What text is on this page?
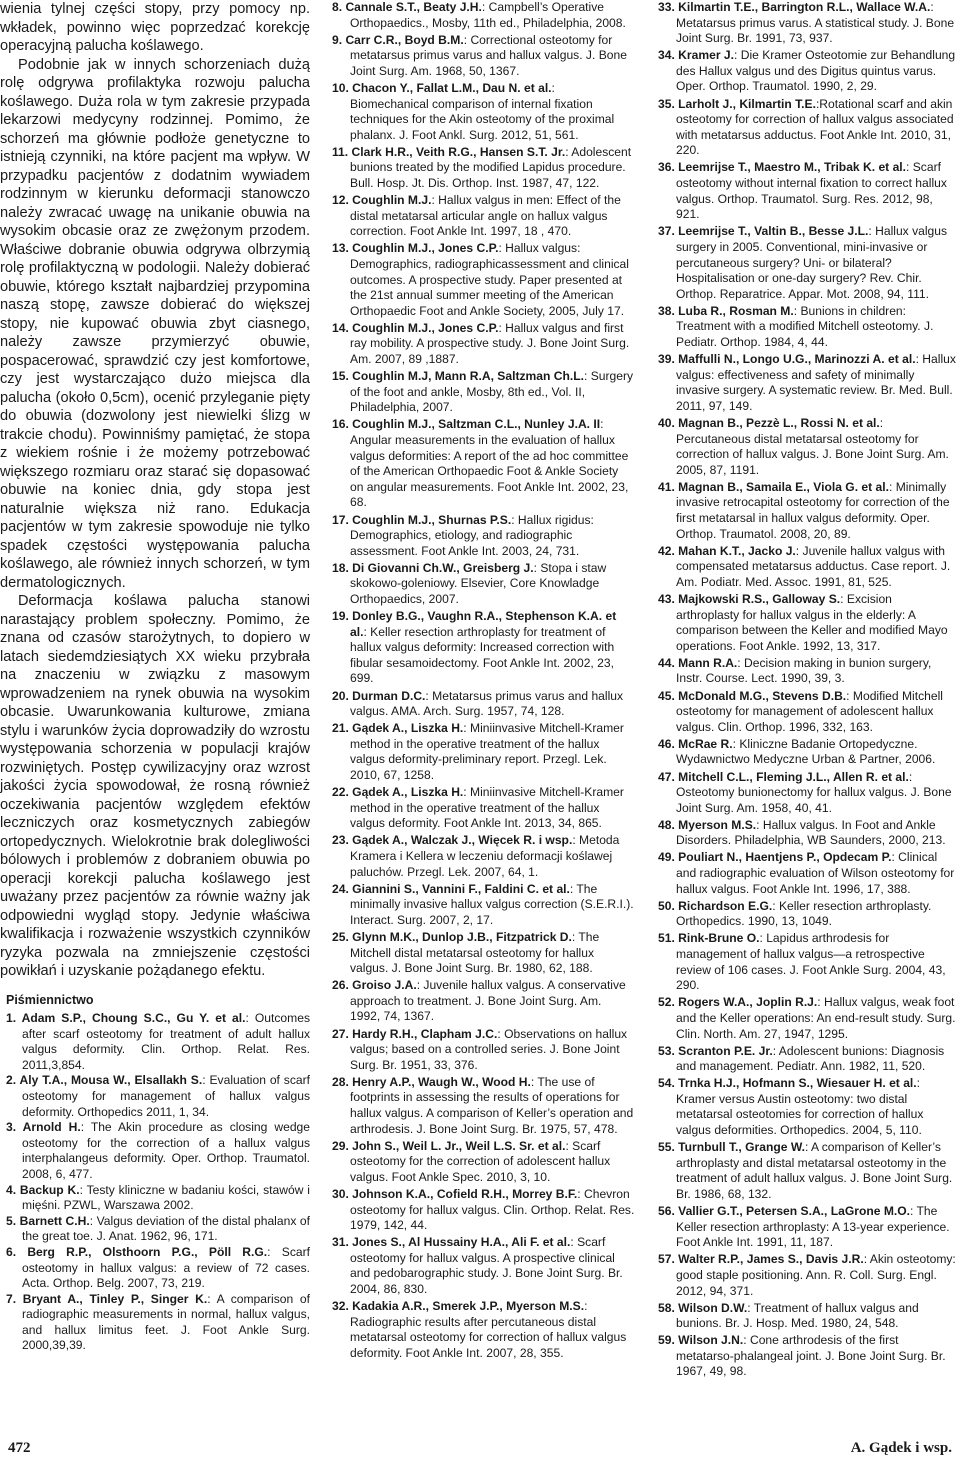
wienia tylnej części stopy, przy pomocy np. wkładek, powinno więc poprzedzać korekcję operacyjną palucha koślawego.

Podobnie jak w innych schorzeniach dużą rolę odgrywa profilaktyka rozwoju palucha koślawego. Duża rola w tym zakresie przypada lekarzowi medycyny rodzinnej. Pomimo, że schorzeń ma głównie podłoże genetyczne to istnieją czynniki, na które pacjent ma wpływ. W przypadku pacjentów z dodatnim wywiadem rodzinnym w kierunku deformacji stanowczo należy zwracać uwagę na unikanie obuwia na wysokim obcasie oraz ze zwężonym przodem. Właściwe dobranie obuwia odgrywa olbrzymią rolę profilaktyczną w podologii. Należy dobierać obuwie, którego kształt najbardziej przypomina naszą stopę, zawsze dobierać do większej stopy, nie kupować obuwia zbyt ciasnego, należy zawsze przymierzyć obuwie, pospacerować, sprawdzić czy jest komfortowe, czy jest wystarczająco dużo miejsca dla palucha (około 0,5cm), ocenić przyleganie pięty do obuwia (dozwolony jest niewielki ślizg w trakcie chodu). Powinniśmy pamiętać, że stopa z wiekiem rośnie i że możemy potrzebować większego rozmiaru oraz starać się dopasować obuwie na koniec dnia, gdy stopa jest naturalnie większa niż rano. Edukacja pacjentów w tym zakresie spowoduje nie tylko spadek częstości występowania palucha koślawego, ale również innych schorzeń, w tym dermatologicznych.

Deformacja koślawa palucha stanowi narastający problem społeczny. Pomimo, że znana od czasów starożytnych, to dopiero w latach siedemdziesiątych XX wieku przybrała na znaczeniu w związku z masowym wprowadzeniem na rynek obuwia na wysokim obcasie. Uwarunkowania kulturowe, zmiana stylu i warunków życia doprowadziły do wzrostu występowania schorzenia w populacji krajów rozwiniętych. Postęp cywilizacyjny oraz wzrost jakości życia spowodował, że rosną również oczekiwania pacjentów względem efektów leczniczych oraz kosmetycznych zabiegów ortopedycznych. Wielokrotnie brak dolegliwości bólowych i problemów z dobraniem obuwia po operacji korekcji palucha koślawego jest uważany przez pacjentów za równie ważny jak odpowiedni wygląd stopy. Jedynie właściwa kwalifikacja i rozważenie wszystkich czynników ryzyka pozwala na zmniejszenie częstości powikłań i uzyskanie pożądanego efektu.

Piśmiennictwo

1. Adam S.P., Choung S.C., Gu Y. et al.: Outcomes after scarf osteotomy for treatment of adult hallux valgus deformity. Clin. Orthop. Relat. Res. 2011,3,854.

2. Aly T.A., Mousa W., Elsallakh S.: Evaluation of scarf osteotomy for management of hallux valgus deformity. Orthopedics 2011, 1, 34.

3. Arnold H.: The Akin procedure as closing wedge osteotomy for the correction of a hallux valgus interphalangeus deformity. Oper. Orthop. Traumatol. 2008, 6, 477.

4. Backup K.: Testy kliniczne w badaniu kości, stawów i mięśni. PZWL, Warszawa 2002.

5. Barnett C.H.: Valgus deviation of the distal phalanx of the great toe. J. Anat. 1962, 96, 171.

6. Berg R.P., Olsthoorn P.G., Pöll R.G.: Scarf osteotomy in hallux valgus: a review of 72 cases. Acta. Orthop. Belg. 2007, 73, 219.

7. Bryant A., Tinley P., Singer K.: A comparison of radiographic measurements in normal, hallux valgus, and hallux limitus feet. J. Foot Ankle Surg. 2000,39,39.

8. Cannale S.T., Beaty J.H.: Campbell’s Operative Orthopaedics., Mosby, 11th ed., Philadelphia, 2008.

9. Carr C.R., Boyd B.M.: Correctional osteotomy for metatarsus primus varus and hallux valgus. J. Bone Joint Surg. Am. 1968, 50, 1367.

10. Chacon Y., Fallat L.M., Dau N. et al.: Biomechanical comparison of internal fixation techniques for the Akin osteotomy of the proximal phalanx. J. Foot Ankl. Surg. 2012, 51, 561.

11. Clark H.R., Veith R.G., Hansen S.T. Jr.: Adolescent bunions treated by the modified Lapidus procedure. Bull. Hosp. Jt. Dis. Orthop. Inst. 1987, 47, 122.

12. Coughlin M.J.: Hallux valgus in men: Effect of the distal metatarsal articular angle on hallux valgus correction. Foot Ankle Int. 1997, 18 , 470.

13. Coughlin M.J., Jones C.P.: Hallux valgus: Demographics, radiographicassessment and clinical outcomes. A prospective study. Paper presented at the 21st annual summer meeting of the American Orthopaedic Foot and Ankle Society, 2005, July 17.

14. Coughlin M.J., Jones C.P.: Hallux valgus and first ray mobility. A prospective study. J. Bone Joint Surg. Am. 2007, 89 ,1887.

15. Coughlin M.J, Mann R.A, Saltzman Ch.L.: Surgery of the foot and ankle, Mosby, 8th ed., Vol. II, Philadelphia, 2007.

16. Coughlin M.J., Saltzman C.L., Nunley J.A. II: Angular measurements in the evaluation of hallux valgus deformities: A report of the ad hoc committee of the American Orthopaedic Foot & Ankle Society on angular measurements. Foot Ankle Int. 2002, 23, 68.

17. Coughlin M.J., Shurnas P.S.: Hallux rigidus: Demographics, etiology, and radiographic assessment. Foot Ankle Int. 2003, 24, 731.

18. Di Giovanni Ch.W., Greisberg J.: Stopa i staw skokowo-goleniowy. Elsevier, Core Knowladge Orthopaedics, 2007.

19. Donley B.G., Vaughn R.A., Stephenson K.A. et al.: Keller resection arthroplasty for treatment of hallux valgus deformity: Increased correction with fibular sesamoidectomy. Foot Ankle Int. 2002, 23, 699.

20. Durman D.C.: Metatarsus primus varus and hallux valgus. AMA. Arch. Surg. 1957, 74, 128.

21. Gądek A., Liszka H.: Miniinvasive Mitchell-Kramer method in the operative treatment of the hallux valgus deformity-preliminary report. Przegl. Lek. 2010, 67, 1258.

22. Gądek A., Liszka H.: Miniinvasive Mitchell-Kramer method in the operative treatment of the hallux valgus deformity. Foot Ankle Int. 2013, 34, 865.

23. Gądek A., Walczak J., Więcek R. i wsp.: Metoda Kramera i Kellera w leczeniu deformacji koślawej paluchów. Przegl. Lek. 2007, 64, 1.

24. Giannini S., Vannini F., Faldini C. et al.: The minimally invasive hallux valgus correction (S.E.R.I.). Interact. Surg. 2007, 2, 17.

25. Glynn M.K., Dunlop J.B., Fitzpatrick D.: The Mitchell distal metatarsal osteotomy for hallux valgus. J. Bone Joint Surg. Br. 1980, 62, 188.

26. Groiso J.A.: Juvenile hallux valgus. A conservative approach to treatment. J. Bone Joint Surg. Am. 1992, 74, 1367.

27. Hardy R.H., Clapham J.C.: Observations on hallux valgus; based on a controlled series. J. Bone Joint Surg. Br. 1951, 33, 376.

28. Henry A.P., Waugh W., Wood H.: The use of footprints in assessing the results of operations for hallux valgus. A comparison of Keller’s operation and arthrodesis. J. Bone Joint Surg. Br. 1975, 57, 478.

29. John S., Weil L. Jr., Weil L.S. Sr. et al.: Scarf osteotomy for the correction of adolescent hallux valgus. Foot Ankle Spec. 2010, 3, 10.

30. Johnson K.A., Cofield R.H., Morrey B.F.: Chevron osteotomy for hallux valgus. Clin. Orthop. Relat. Res. 1979, 142, 44.

31. Jones S., Al Hussainy H.A., Ali F. et al.: Scarf osteotomy for hallux valgus. A prospective clinical and pedobarographic study. J. Bone Joint Surg. Br. 2004, 86, 830.

32. Kadakia A.R., Smerek J.P., Myerson M.S.: Radiographic results after percutaneous distal metatarsal osteotomy for correction of hallux valgus deformity. Foot Ankle Int. 2007, 28, 355.

33. Kilmartin T.E., Barrington R.L., Wallace W.A.: Metatarsus primus varus. A statistical study. J. Bone Joint Surg. Br. 1991, 73, 937.

34. Kramer J.: Die Kramer Osteotomie zur Behandlung des Hallux valgus und des Digitus quintus varus. Oper. Orthop. Traumatol. 1990, 2, 29.

35. Larholt J., Kilmartin T.E.:Rotational scarf and akin osteotomy for correction of hallux valgus associated with metatarsus adductus. Foot Ankle Int. 2010, 31, 220.

36. Leemrijse T., Maestro M., Tribak K. et al.: Scarf osteotomy without internal fixation to correct hallux valgus. Orthop. Traumatol. Surg. Res. 2012, 98, 921.

37. Leemrijse T., Valtin B., Besse J.L.: Hallux valgus surgery in 2005. Conventional, mini-invasive or percutaneous surgery? Uni- or bilateral? Hospitalisation or one-day surgery? Rev. Chir. Orthop. Reparatrice. Appar. Mot. 2008, 94, 111.

38. Luba R., Rosman M.: Bunions in children: Treatment with a modified Mitchell osteotomy. J. Pediatr. Orthop. 1984, 4, 44.

39. Maffulli N., Longo U.G., Marinozzi A. et al.: Hallux valgus: effectiveness and safety of minimally invasive surgery. A systematic review. Br. Med. Bull. 2011, 97, 149.

40. Magnan B., Pezzè L., Rossi N. et al.: Percutaneous distal metatarsal osteotomy for correction of hallux valgus. J. Bone Joint Surg. Am. 2005, 87, 1191.

41. Magnan B., Samaila E., Viola G. et al.: Minimally invasive retrocapital osteotomy for correction of the first metatarsal in hallux valgus deformity. Oper. Orthop. Traumatol. 2008, 20, 89.

42. Mahan K.T., Jacko J.: Juvenile hallux valgus with compensated metatarsus adductus. Case report. J. Am. Podiatr. Med. Assoc. 1991, 81, 525.

43. Majkowski R.S., Galloway S.: Excision arthroplasty for hallux valgus in the elderly: A comparison between the Keller and modified Mayo operations. Foot Ankle. 1992, 13, 317.

44. Mann R.A.: Decision making in bunion surgery, Instr. Course. Lect. 1990, 39, 3.

45. McDonald M.G., Stevens D.B.: Modified Mitchell osteotomy for management of adolescent hallux valgus. Clin. Orthop. 1996, 332, 163.

46. McRae R.: Kliniczne Badanie Ortopedyczne. Wydawnictwo Medyczne Urban & Partner, 2006.

47. Mitchell C.L., Fleming J.L., Allen R. et al.: Osteotomy bunionectomy for hallux valgus. J. Bone Joint Surg. Am. 1958, 40, 41.

48. Myerson M.S.: Hallux valgus. In Foot and Ankle Disorders. Philadelphia, WB Saunders, 2000, 213.

49. Pouliart N., Haentjens P., Opdecam P.: Clinical and radiographic evaluation of Wilson osteotomy for hallux valgus. Foot Ankle Int. 1996, 17, 388.

50. Richardson E.G.: Keller resection arthroplasty. Orthopedics. 1990, 13, 1049.

51. Rink-Brune O.: Lapidus arthrodesis for management of hallux valgus—a retrospective review of 106 cases. J. Foot Ankle Surg. 2004, 43, 290.

52. Rogers W.A., Joplin R.J.: Hallux valgus, weak foot and the Keller operations: An end-result study. Surg. Clin. North. Am. 27, 1947, 1295.

53. Scranton P.E. Jr.: Adolescent bunions: Diagnosis and management. Pediatr. Ann. 1982, 11, 520.

54. Trnka H.J., Hofmann S., Wiesauer H. et al.: Kramer versus Austin osteotomy: two distal metatarsal osteotomies for correction of hallux valgus deformities. Orthopedics. 2004, 5, 110.

55. Turnbull T., Grange W.: A comparison of Keller’s arthroplasty and distal metatarsal osteotomy in the treatment of adult hallux valgus. J. Bone Joint Surg. Br. 1986, 68, 132.

56. Vallier G.T., Petersen S.A., LaGrone M.O.: The Keller resection arthroplasty: A 13-year experience. Foot Ankle Int. 1991, 11, 187.

57. Walter R.P., James S., Davis J.R.: Akin osteotomy: good staple positioning. Ann. R. Coll. Surg. Engl. 2012, 94, 371.

58. Wilson D.W.: Treatment of hallux valgus and bunions. Br. J. Hosp. Med. 1980, 24, 548.

59. Wilson J.N.: Cone arthrodesis of the first metatarso-phalangeal joint. J. Bone Joint Surg. Br. 1967, 49, 98.

472	A. Gądek i wsp.
